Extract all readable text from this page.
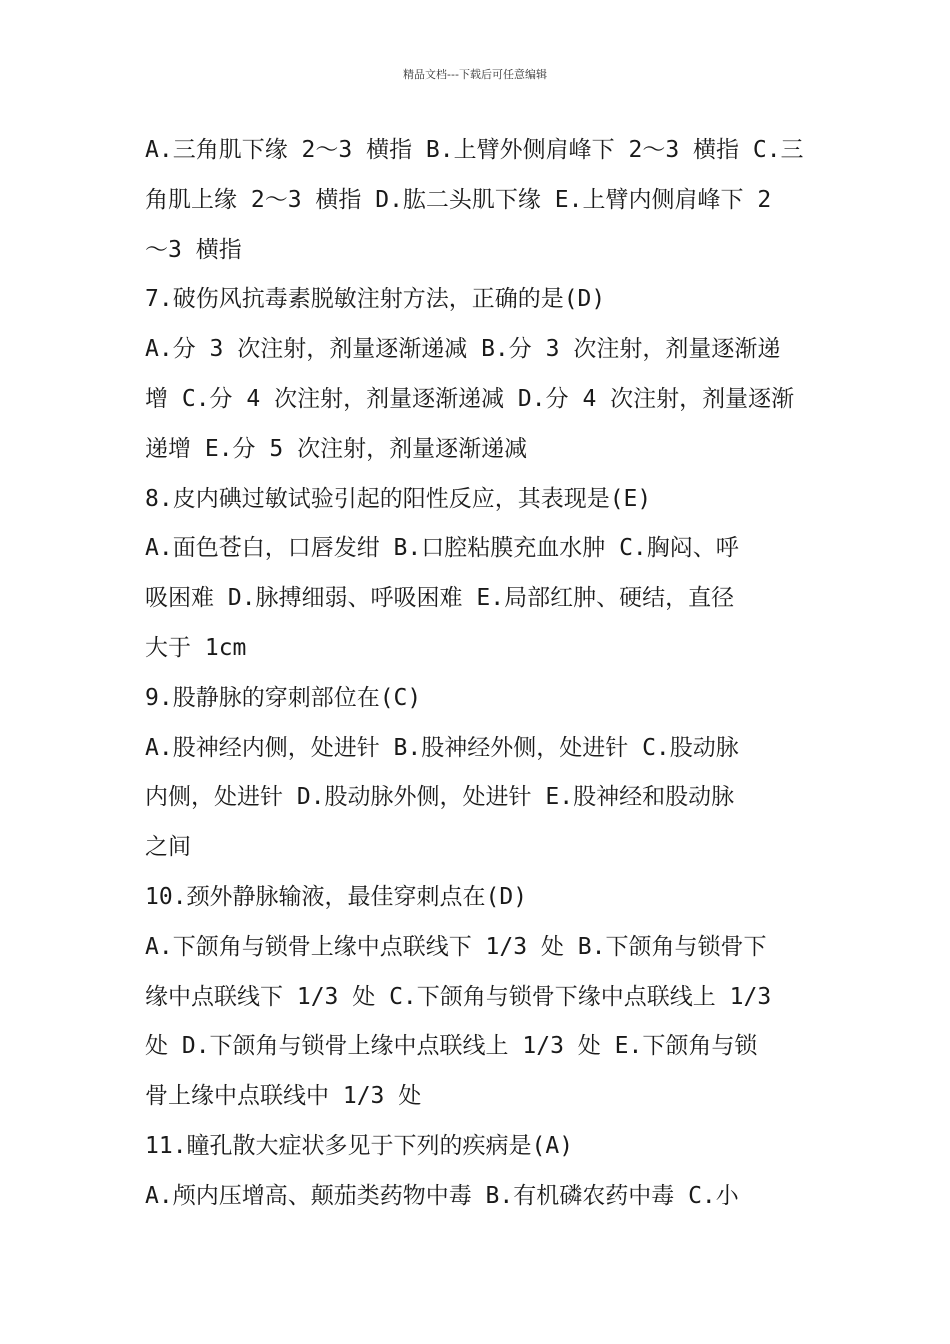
精品文档---下载后可任意编辑
A.三角肌下缘 2～3 横指 B.上臂外侧肩峰下 2～3 横指 C.三
角肌上缘 2～3 横指 D.肱二头肌下缘 E.上臂内侧肩峰下 2
～3 横指
7.破伤风抗毒素脱敏注射方法，正确的是(D)
A.分 3 次注射，剂量逐渐递减 B.分 3 次注射，剂量逐渐递
增 C.分 4 次注射，剂量逐渐递减 D.分 4 次注射，剂量逐渐
递增 E.分 5 次注射，剂量逐渐递减
8.皮内碘过敏试验引起的阳性反应，其表现是(E)
A.面色苍白，口唇发绀 B.口腔粘膜充血水肿 C.胸闷、呼
吸困难 D.脉搏细弱、呼吸困难 E.局部红肿、硬结，直径
大于 1cm
9.股静脉的穿刺部位在(C)
A.股神经内侧，处进针 B.股神经外侧，处进针 C.股动脉
内侧，处进针 D.股动脉外侧，处进针 E.股神经和股动脉
之间
10.颈外静脉输液，最佳穿刺点在(D)
A.下颌角与锁骨上缘中点联线下 1/3 处 B.下颌角与锁骨下
缘中点联线下 1/3 处 C.下颌角与锁骨下缘中点联线上 1/3
处 D.下颌角与锁骨上缘中点联线上 1/3 处 E.下颌角与锁
骨上缘中点联线中 1/3 处
11.瞳孔散大症状多见于下列的疾病是(A)
A.颅内压增高、颠茄类药物中毒 B.有机磷农药中毒 C.小
